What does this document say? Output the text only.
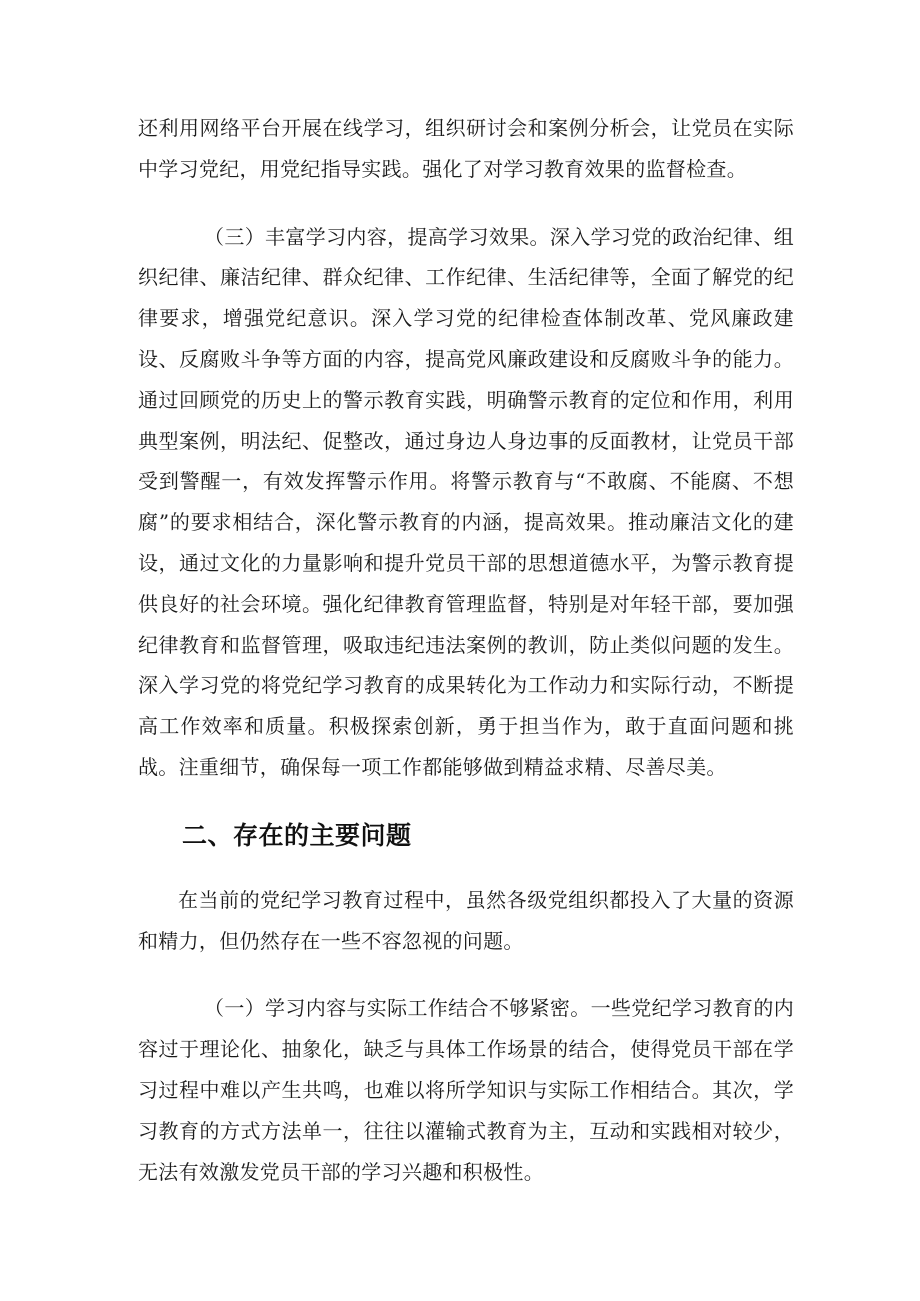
还利用网络平台开展在线学习，组织研讨会和案例分析会，让党员在实际中学习党纪，用党纪指导实践。强化了对学习教育效果的监督检查。

（三）丰富学习内容，提高学习效果。深入学习党的政治纪律、组织纪律、廉洁纪律、群众纪律、工作纪律、生活纪律等，全面了解党的纪律要求，增强党纪意识。深入学习党的纪律检查体制改革、党风廉政建设、反腐败斗争等方面的内容，提高党风廉政建设和反腐败斗争的能力。通过回顾党的历史上的警示教育实践，明确警示教育的定位和作用，利用典型案例，明法纪、促整改，通过身边人身边事的反面教材，让党员干部受到警醒一，有效发挥警示作用。将警示教育与“不敢腐、不能腐、不想腐”的要求相结合，深化警示教育的内涵，提高效果。推动廉洁文化的建设，通过文化的力量影响和提升党员干部的思想道德水平，为警示教育提供良好的社会环境。强化纪律教育管理监督，特别是对年轻干部，要加强纪律教育和监督管理，吸取违纪违法案例的教训，防止类似问题的发生。深入学习党的将党纪学习教育的成果转化为工作动力和实际行动，不断提高工作效率和质量。积极探索创新，勇于担当作为，敢于直面问题和挑战。注重细节，确保每一项工作都能够做到精益求精、尽善尽美。

二、存在的主要问题

在当前的党纪学习教育过程中，虽然各级党组织都投入了大量的资源和精力，但仍然存在一些不容忽视的问题。

（一）学习内容与实际工作结合不够紧密。一些党纪学习教育的内容过于理论化、抽象化，缺乏与具体工作场景的结合，使得党员干部在学习过程中难以产生共鸣，也难以将所学知识与实际工作相结合。其次，学习教育的方式方法单一，往往以灌输式教育为主，互动和实践相对较少，无法有效激发党员干部的学习兴趣和积极性。
